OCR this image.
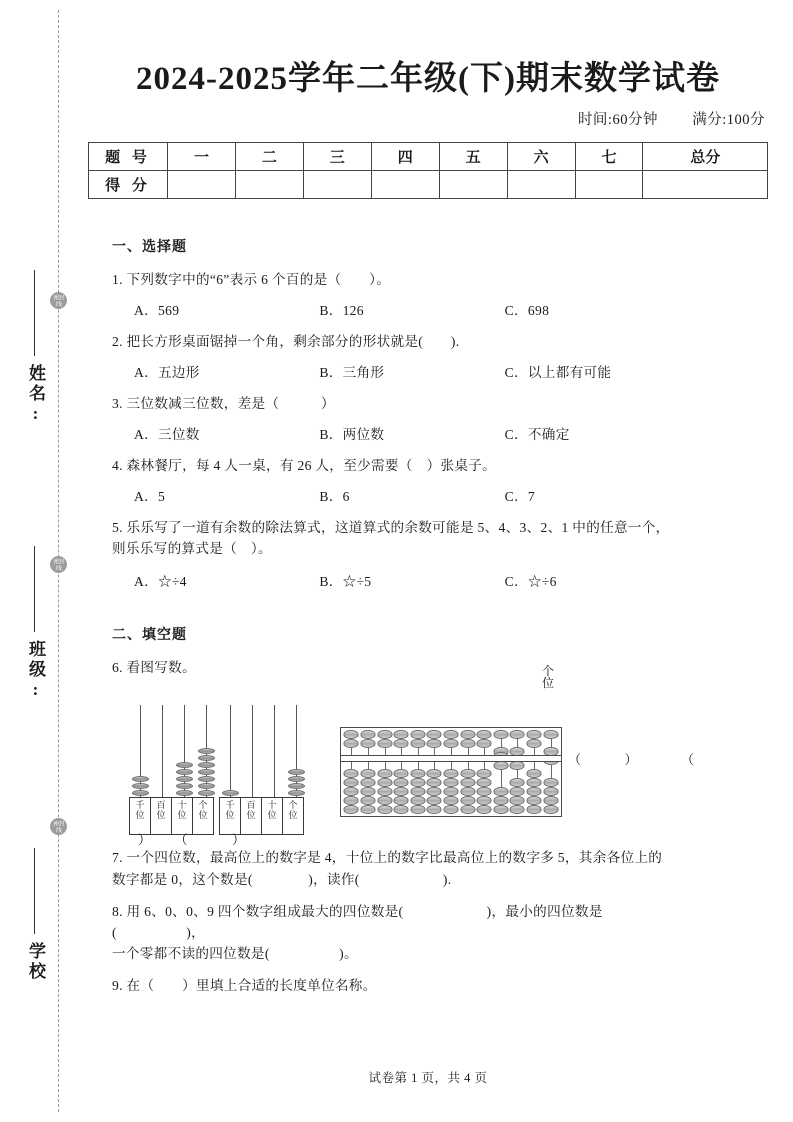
密封线
密封线
密封线
姓名:
班级:
学校
2024-2025学年二年级(下)期末数学试卷
时间:60分钟 满分:100分
题 号	一	二	三	四	五	六	七	总分
得 分								
一、选择题
1. 下列数字中的“6”表示 6 个百的是（　　）。
A．569	B．126	C．698
2. 把长方形桌面锯掉一个角，剩余部分的形状就是(　　).
A．五边形	B．三角形	C．以上都有可能
3. 三位数减三位数，差是（　　　）
A．三位数	B．两位数	C．不确定
4. 森林餐厅，每 4 人一桌，有 26 人，至少需要（　）张桌子。
A．5	B．6	C．7
5. 乐乐写了一道有余数的除法算式，这道算式的余数可能是 5、4、3、2、1 中的任意一个，
则乐乐写的算式是（　）。
A．☆÷4	B．☆÷5	C．☆÷6
二、填空题
6. 看图写数。
千
位
百
位
十
位
个
位
千
位
百
位
十
位
个
位
） （	）
个
位
（	）	（
7. 一个四位数，最高位上的数字是 4，十位上的数字比最高位上的数字多 5，其余各位上的
数字都是 0，这个数是(　　　　)，读作(　　　　　　).
8. 用 6、0、0、9 四个数字组成最大的四位数是(　　　　　　)，最小的四位数是(　　　　　)，
一个零都不读的四位数是(　　　　　)。
9. 在（　　）里填上合适的长度单位名称。
试卷第 1 页，共 4 页
